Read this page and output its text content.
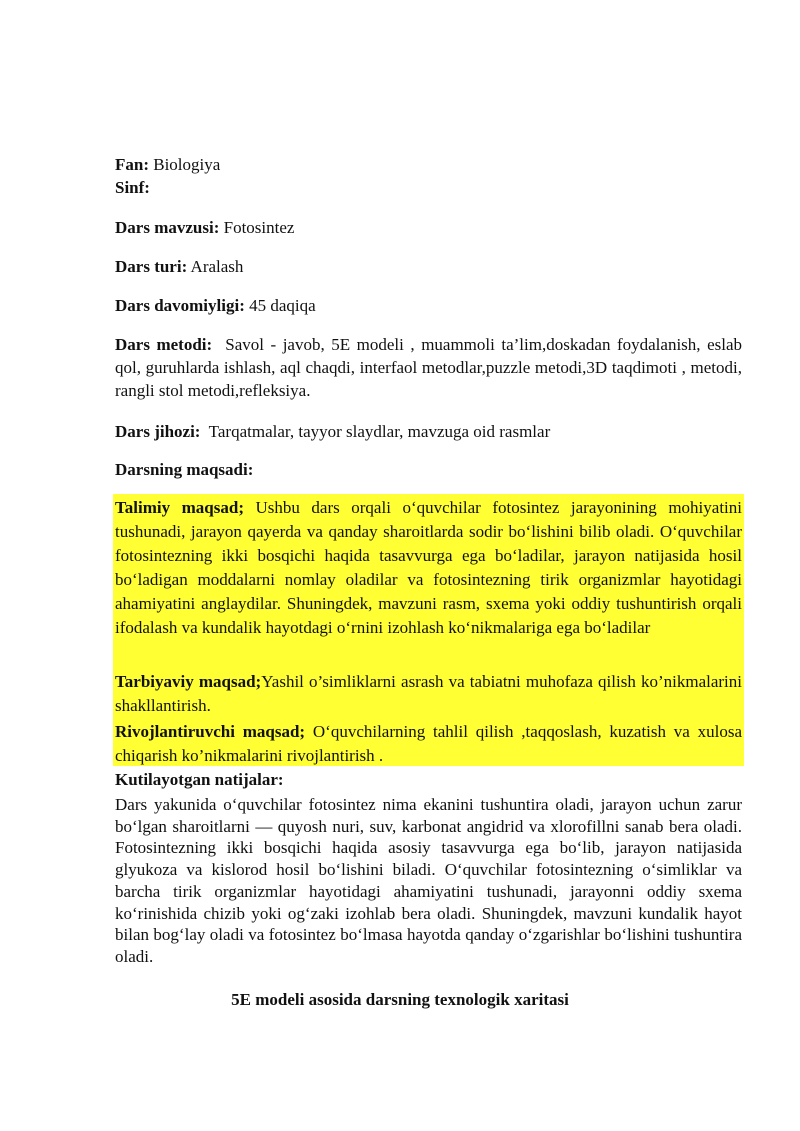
Fan: Biologiya
Sinf:
Dars mavzusi: Fotosintez
Dars turi: Aralash
Dars davomiyligi: 45 daqiqa
Dars metodi: Savol - javob, 5E modeli , muammoli ta’lim,doskadan foydalanish, eslab qol, guruhlarda ishlash, aql chaqdi, interfaol metodlar,puzzle metodi,3D taqdimoti , metodi, rangli stol metodi,refleksiya.
Dars jihozi: Tarqatmalar, tayyor slaydlar, mavzuga oid rasmlar
Darsning maqsadi:
Talimiy maqsad; Ushbu dars orqali o‘quvchilar fotosintez jarayonining mohiyatini tushunadi, jarayon qayerda va qanday sharoitlarda sodir bo‘lishini bilib oladi. O‘quvchilar fotosintezning ikki bosqichi haqida tasavvurga ega bo‘ladilar, jarayon natijasida hosil bo‘ladigan moddalarni nomlay oladilar va fotosintezning tirik organizmlar hayotidagi ahamiyatini anglaydilar. Shuningdek, mavzuni rasm, sxema yoki oddiy tushuntirish orqali ifodalash va kundalik hayotdagi o‘rnini izohlash ko‘nikmalariga ega bo‘ladilar
Tarbiyaviy maqsad;Yashil o’simliklarni asrash va tabiatni muhofaza qilish ko’nikmalarini shakllantirish.
Rivojlantiruvchi maqsad; O‘quvchilarning tahlil qilish ,taqqoslash, kuzatish va xulosa chiqarish ko’nikmalarini rivojlantirish .
Kutilayotgan natijalar:
Dars yakunida o‘quvchilar fotosintez nima ekanini tushuntira oladi, jarayon uchun zarur bo‘lgan sharoitlarni — quyosh nuri, suv, karbonat angidrid va xlorofillni sanab bera oladi. Fotosintezning ikki bosqichi haqida asosiy tasavvurga ega bo‘lib, jarayon natijasida glyukoza va kislorod hosil bo‘lishini biladi. O‘quvchilar fotosintezning o‘simliklar va barcha tirik organizmlar hayotidagi ahamiyatini tushunadi, jarayonni oddiy sxema ko‘rinishida chizib yoki og‘zaki izohlab bera oladi. Shuningdek, mavzuni kundalik hayot bilan bog‘lay oladi va fotosintez bo‘lmasa hayotda qanday o‘zgarishlar bo‘lishini tushuntira oladi.
5E modeli asosida darsning texnologik xaritasi
